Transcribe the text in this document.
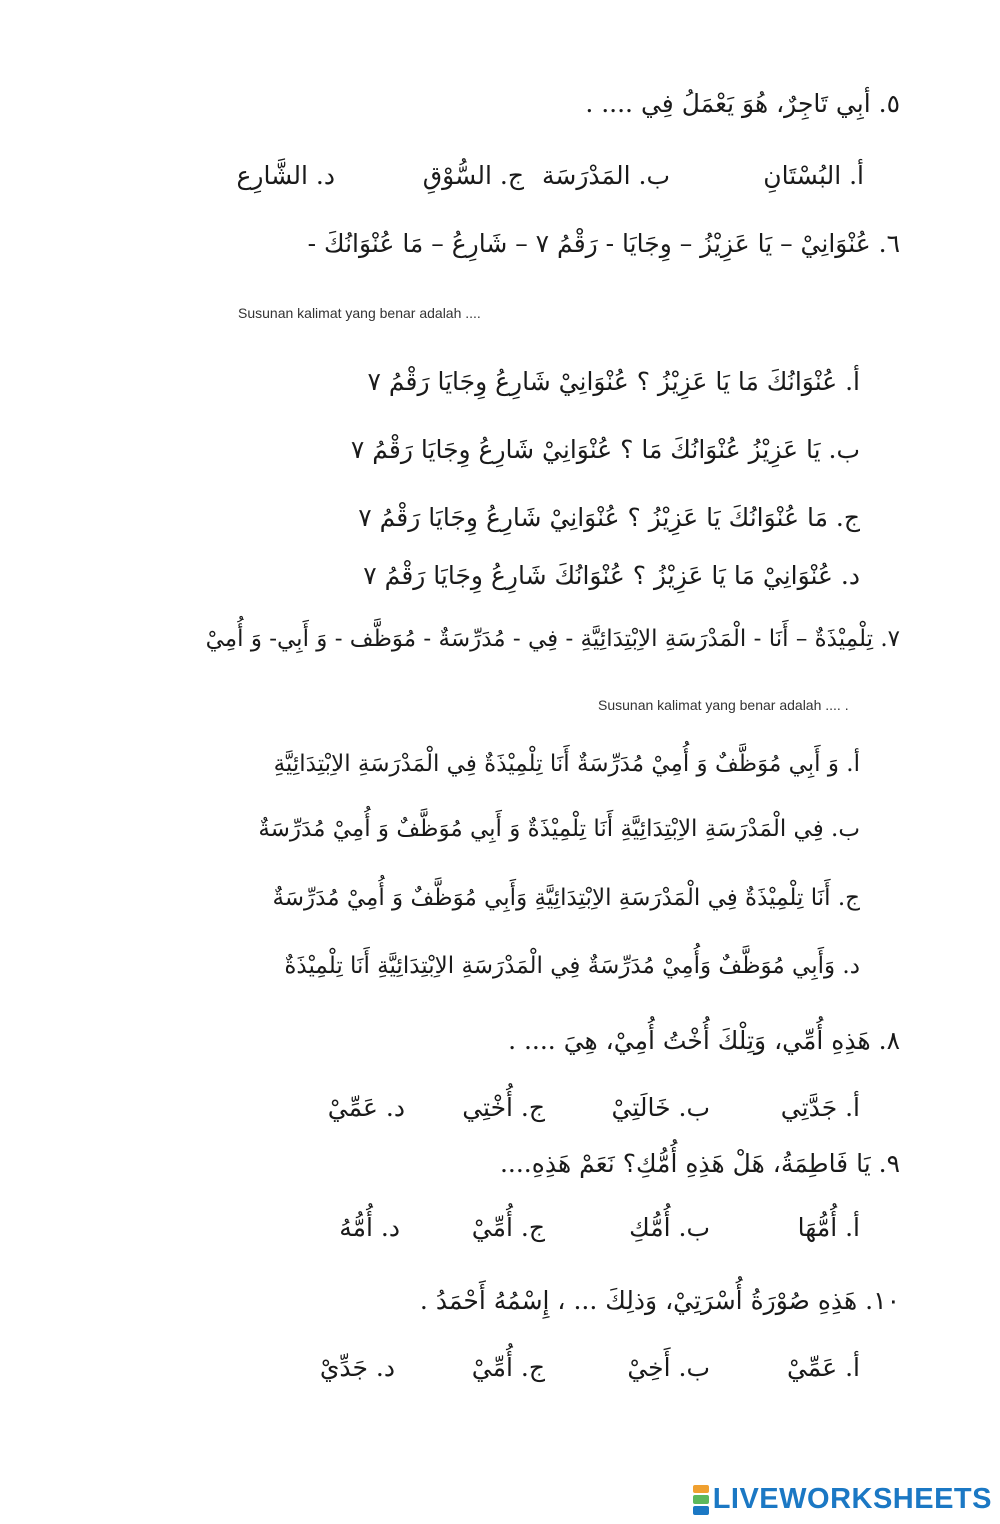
٥. أبِي تَاجِرٌ، هُوَ يَعْمَلُ فِي .... .
أ. البُسْتَانِ
ب. المَدْرَسَة
ج. السُّوْقِ
د. الشَّارِع
٦. عُنْوَانِيْ – يَا عَزِيْزُ – وِجَايَا - رَقْمُ ٧ – شَارِعُ – مَا عُنْوَانُكَ -
Susunan kalimat yang benar adalah ....
أ. عُنْوَانُكَ مَا يَا عَزِيْزُ ؟ عُنْوَانِيْ شَارِعُ وِجَايَا رَقْمُ ٧
ب. يَا عَزِيْزُ عُنْوَانُكَ مَا ؟ عُنْوَانِيْ شَارِعُ وِجَايَا رَقْمُ ٧
ج. مَا عُنْوَانُكَ يَا عَزِيْزُ ؟ عُنْوَانِيْ شَارِعُ وِجَايَا رَقْمُ ٧
د. عُنْوَانِيْ مَا يَا عَزِيْزُ ؟ عُنْوَانُكَ شَارِعُ وِجَايَا رَقْمُ ٧
٧. تِلْمِيْذَةٌ – أَنَا - الْمَدْرَسَةِ الاِبْتِدَائِيَّةِ - فِي - مُدَرِّسَةٌ - مُوَظَّف - وَ أَبِي- وَ أُمِيْ
Susunan kalimat yang benar adalah .... .
أ. وَ أَبِي مُوَظَّفٌ وَ أُمِيْ مُدَرِّسَةٌ أَنَا تِلْمِيْذَةٌ فِي الْمَدْرَسَةِ الاِبْتِدَائِيَّةِ
ب. فِي الْمَدْرَسَةِ الاِبْتِدَائِيَّةِ أَنَا تِلْمِيْذَةٌ وَ أَبِي مُوَظَّفٌ وَ أُمِيْ مُدَرِّسَةٌ
ج. أَنَا تِلْمِيْذَةٌ فِي الْمَدْرَسَةِ الاِبْتِدَائِيَّةِ وَأَبِي مُوَظَّفٌ وَ أُمِيْ مُدَرِّسَةٌ
د. وَأَبِي مُوَظَّفٌ وَأُمِيْ مُدَرِّسَةٌ فِي الْمَدْرَسَةِ الاِبْتِدَائِيَّةِ أَنَا تِلْمِيْذَةٌ
٨. هَذِهِ أُمِّي، وَتِلْكَ أُخْتُ أُمِيْ، هِيَ .... .
أ. جَدَّتِي
ب. خَالَتِيْ
ج. أُخْتِي
د. عَمِّيْ
٩. يَا فَاطِمَةُ، هَلْ هَذِهِ أُمُّكِ؟ نَعَمْ هَذِهِ....
أ. أُمُّهَا
ب. أُمُّكِ
ج. أُمِّيْ
د. أُمُّهُ
١٠. هَذِهِ صُوْرَةُ أُسْرَتِيْ، وَذلِكَ ... ، إِسْمُهُ أَحْمَدُ .
أ. عَمِّيْ
ب. أَخِيْ
ج. أُمِّيْ
د. جَدِّيْ
LIVEWORKSHEETS
